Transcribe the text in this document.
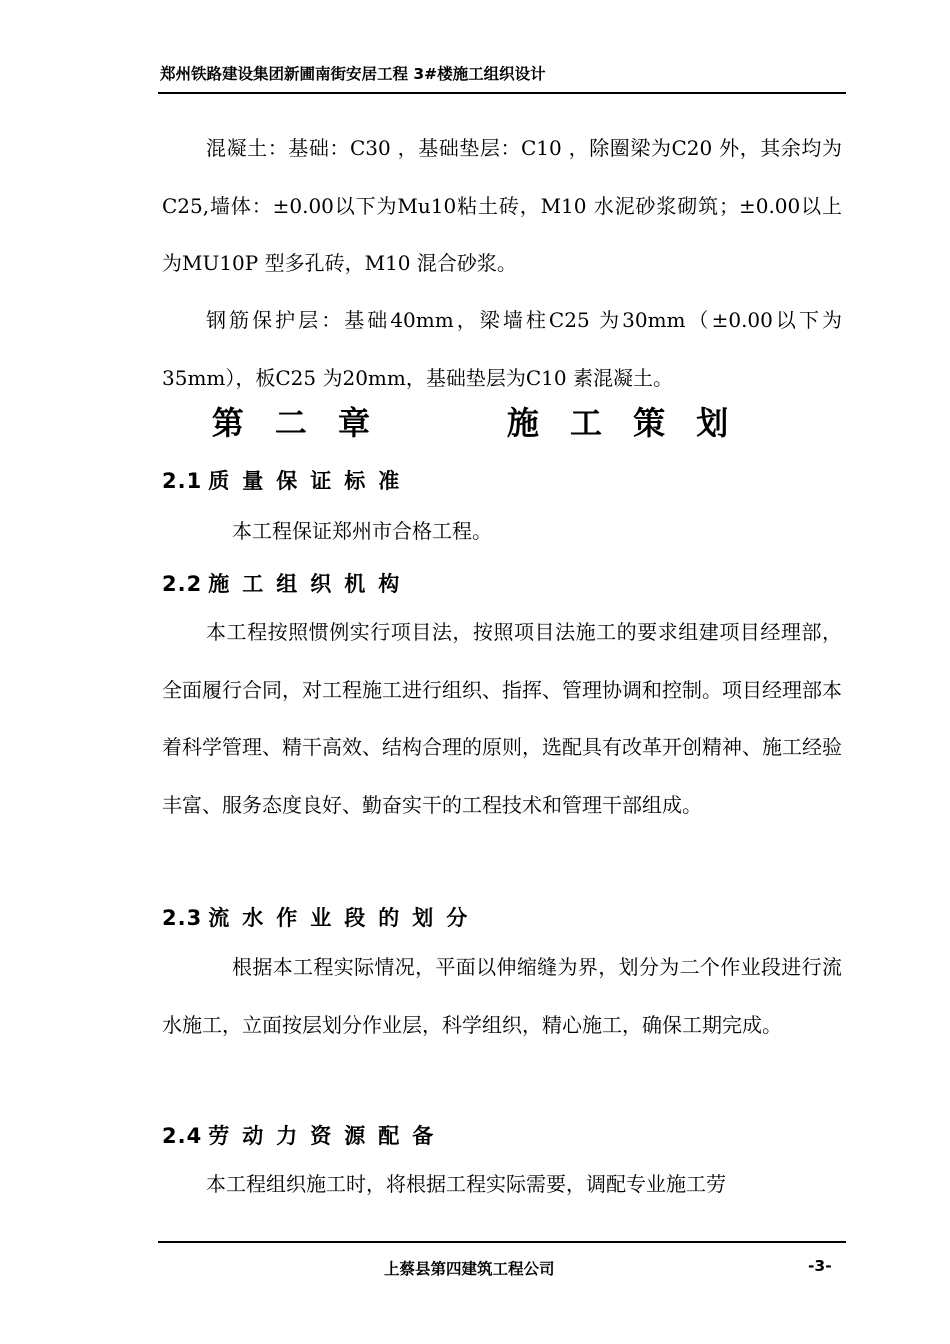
郑州铁路建设集团新圃南街安居工程 3#楼施工组织设计

混凝土：基础：C30 ，基础垫层：C10 ，除圈梁为C20 外，其余均为C25,墙体：±0.00以下为Mu10粘土砖，M10 水泥砂浆砌筑；±0.00以上为MU10P 型多孔砖，M10 混合砂浆。

钢筋保护层：基础40mm，梁墙柱C25 为30mm（±0.00以下为35mm），板C25 为20mm，基础垫层为C10 素混凝土。

第 二 章      施 工 策 划
2.1 质量保证标准

本工程保证郑州市合格工程。

2.2 施工组织机构

本工程按照惯例实行项目法，按照项目法施工的要求组建项目经理部，全面履行合同，对工程施工进行组织、指挥、管理协调和控制。项目经理部本着科学管理、精干高效、结构合理的原则，选配具有改革开创精神、施工经验丰富、服务态度良好、勤奋实干的工程技术和管理干部组成。

2.3 流水作业段的划分

根据本工程实际情况，平面以伸缩缝为界，划分为二个作业段进行流水施工，立面按层划分作业层，科学组织，精心施工，确保工期完成。

2.4 劳动力资源配备

本工程组织施工时，将根据工程实际需要，调配专业施工劳

上蔡县第四建筑工程公司	-3-
